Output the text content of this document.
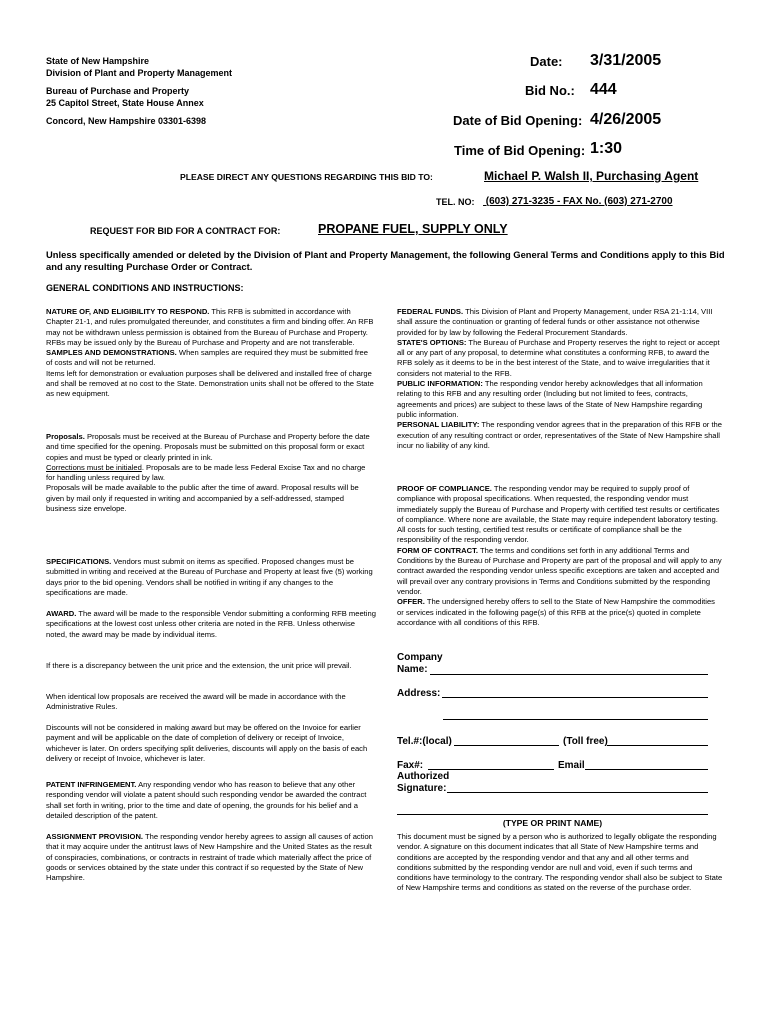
State of New Hampshire
Division of Plant and Property Management
Bureau of Purchase and Property
25 Capitol Street, State House Annex
Concord, New Hampshire 03301-6398
Date: 3/31/2005
Bid No.: 444
Date of Bid Opening: 4/26/2005
Time of Bid Opening: 1:30
PLEASE DIRECT ANY QUESTIONS REGARDING THIS BID TO:	Michael P. Walsh II, Purchasing Agent
TEL. NO: (603) 271-3235 - FAX No. (603) 271-2700
REQUEST FOR BID FOR A CONTRACT FOR:	PROPANE FUEL, SUPPLY ONLY
Unless specifically amended or deleted by the Division of Plant and Property Management, the following General Terms and Conditions apply to this Bid and any resulting Purchase Order or Contract.
GENERAL CONDITIONS AND INSTRUCTIONS:

NATURE OF, AND ELIGIBILITY TO RESPOND. This RFB is submitted in accordance with Chapter 21-1, and rules promulgated thereunder, and constitutes a firm and binding offer. An RFB may not be withdrawn unless permission is obtained from the Bureau of Purchase and Property.

RFBs may be issued only by the Bureau of Purchase and Property and are not transferable.

SAMPLES AND DEMONSTRATIONS. When samples are required they must be submitted free of costs and will not be returned.

Items left for demonstration or evaluation purposes shall be delivered and installed free of charge and shall be removed at no cost to the State. Demonstration units shall not be offered to the State as new equipment.

Proposals. Proposals must be received at the Bureau of Purchase and Property before the date and time specified for the opening. Proposals must be submitted on this proposal form or exact copies and must be typed or clearly printed in ink.

Corrections must be initialed. Proposals are to be made less Federal Excise Tax and no charge for handling unless required by law.

Proposals will be made available to the public after the time of award. Proposal results will be given by mail only if requested in writing and accompanied by a self-addressed, stamped business size envelope.

SPECIFICATIONS. Vendors must submit on items as specified. Proposed changes must be submitted in writing and received at the Bureau of Purchase and Property at least five (5) working days prior to the bid opening. Vendors shall be notified in writing if any changes to the specifications are made.

AWARD. The award will be made to the responsible Vendor submitting a conforming RFB meeting specifications at the lowest cost unless other criteria are noted in the RFB. Unless otherwise noted, the award may be made by individual items.

If there is a discrepancy between the unit price and the extension, the unit price will prevail.
When identical low proposals are received the award will be made in accordance with the Administrative Rules.
Discounts will not be considered in making award but may be offered on the Invoice for earlier payment and will be applicable on the date of completion of delivery or receipt of Invoice, whichever is later. On orders specifying split deliveries, discounts will apply on the basis of each delivery or receipt of Invoice, whichever is later.

PATENT INFRINGEMENT. Any responding vendor who has reason to believe that any other responding vendor will violate a patent should such responding vendor be awarded the contract shall set forth in writing, prior to the time and date of opening, the grounds for his belief and a detailed description of the patent.

ASSIGNMENT PROVISION. The responding vendor hereby agrees to assign all causes of action that it may acquire under the antitrust laws of New Hampshire and the United States as the result of conspiracies, combinations, or contracts in restraint of trade which materially affect the price of goods or services obtained by the state under this contract if so requested by the State of New Hampshire.

FEDERAL FUNDS. This Division of Plant and Property Management, under RSA 21-1:14, VIII shall assure the continuation or granting of federal funds or other assistance not otherwise provided for by law by following the Federal Procurement Standards.

STATE'S OPTIONS: The Bureau of Purchase and Property reserves the right to reject or accept all or any part of any proposal, to determine what constitutes a conforming RFB, to award the RFB solely as it deems to be in the best interest of the State, and to waive irregularities that it considers not material to the RFB.

PUBLIC INFORMATION: The responding vendor hereby acknowledges that all information relating to this RFB and any resulting order (Including but not limited to fees, contracts, agreements and prices) are subject to these laws of the State of New Hampshire regarding public information.

PERSONAL LIABILITY: The responding vendor agrees that in the preparation of this RFB or the execution of any resulting contract or order, representatives of the State of New Hampshire shall incur no liability of any kind.

PROOF OF COMPLIANCE. The responding vendor may be required to supply proof of compliance with proposal specifications. When requested, the responding vendor must immediately supply the Bureau of Purchase and Property with certified test results or certificates of compliance. Where none are available, the State may require independent laboratory testing. All costs for such testing, certified test results or certificate of compliance shall be the responsibility of the responding vendor.

FORM OF CONTRACT. The terms and conditions set forth in any additional Terms and Conditions by the Bureau of Purchase and Property are part of the proposal and will apply to any contract awarded the responding vendor unless specific exceptions are taken and accepted and will prevail over any contrary provisions in Terms and Conditions submitted by the responding vendor.

OFFER. The undersigned hereby offers to sell to the State of New Hampshire the commodities or services indicated in the following page(s) of this RFB at the price(s) quoted in complete accordance with all conditions of this RFB.

Company
Name:
Address:
Tel.#:(local)	(Toll free)
Fax#:	Email
Authorized
Signature:
(TYPE OR PRINT NAME)
This document must be signed by a person who is authorized to legally obligate the responding vendor. A signature on this document indicates that all State of New Hampshire terms and conditions are accepted by the responding vendor and that any and all other terms and conditions submitted by the responding vendor are null and void, even if such terms and conditions have terminology to the contrary. The responding vendor shall also be subject to State of New Hampshire terms and conditions as stated on the reverse of the purchase order.
